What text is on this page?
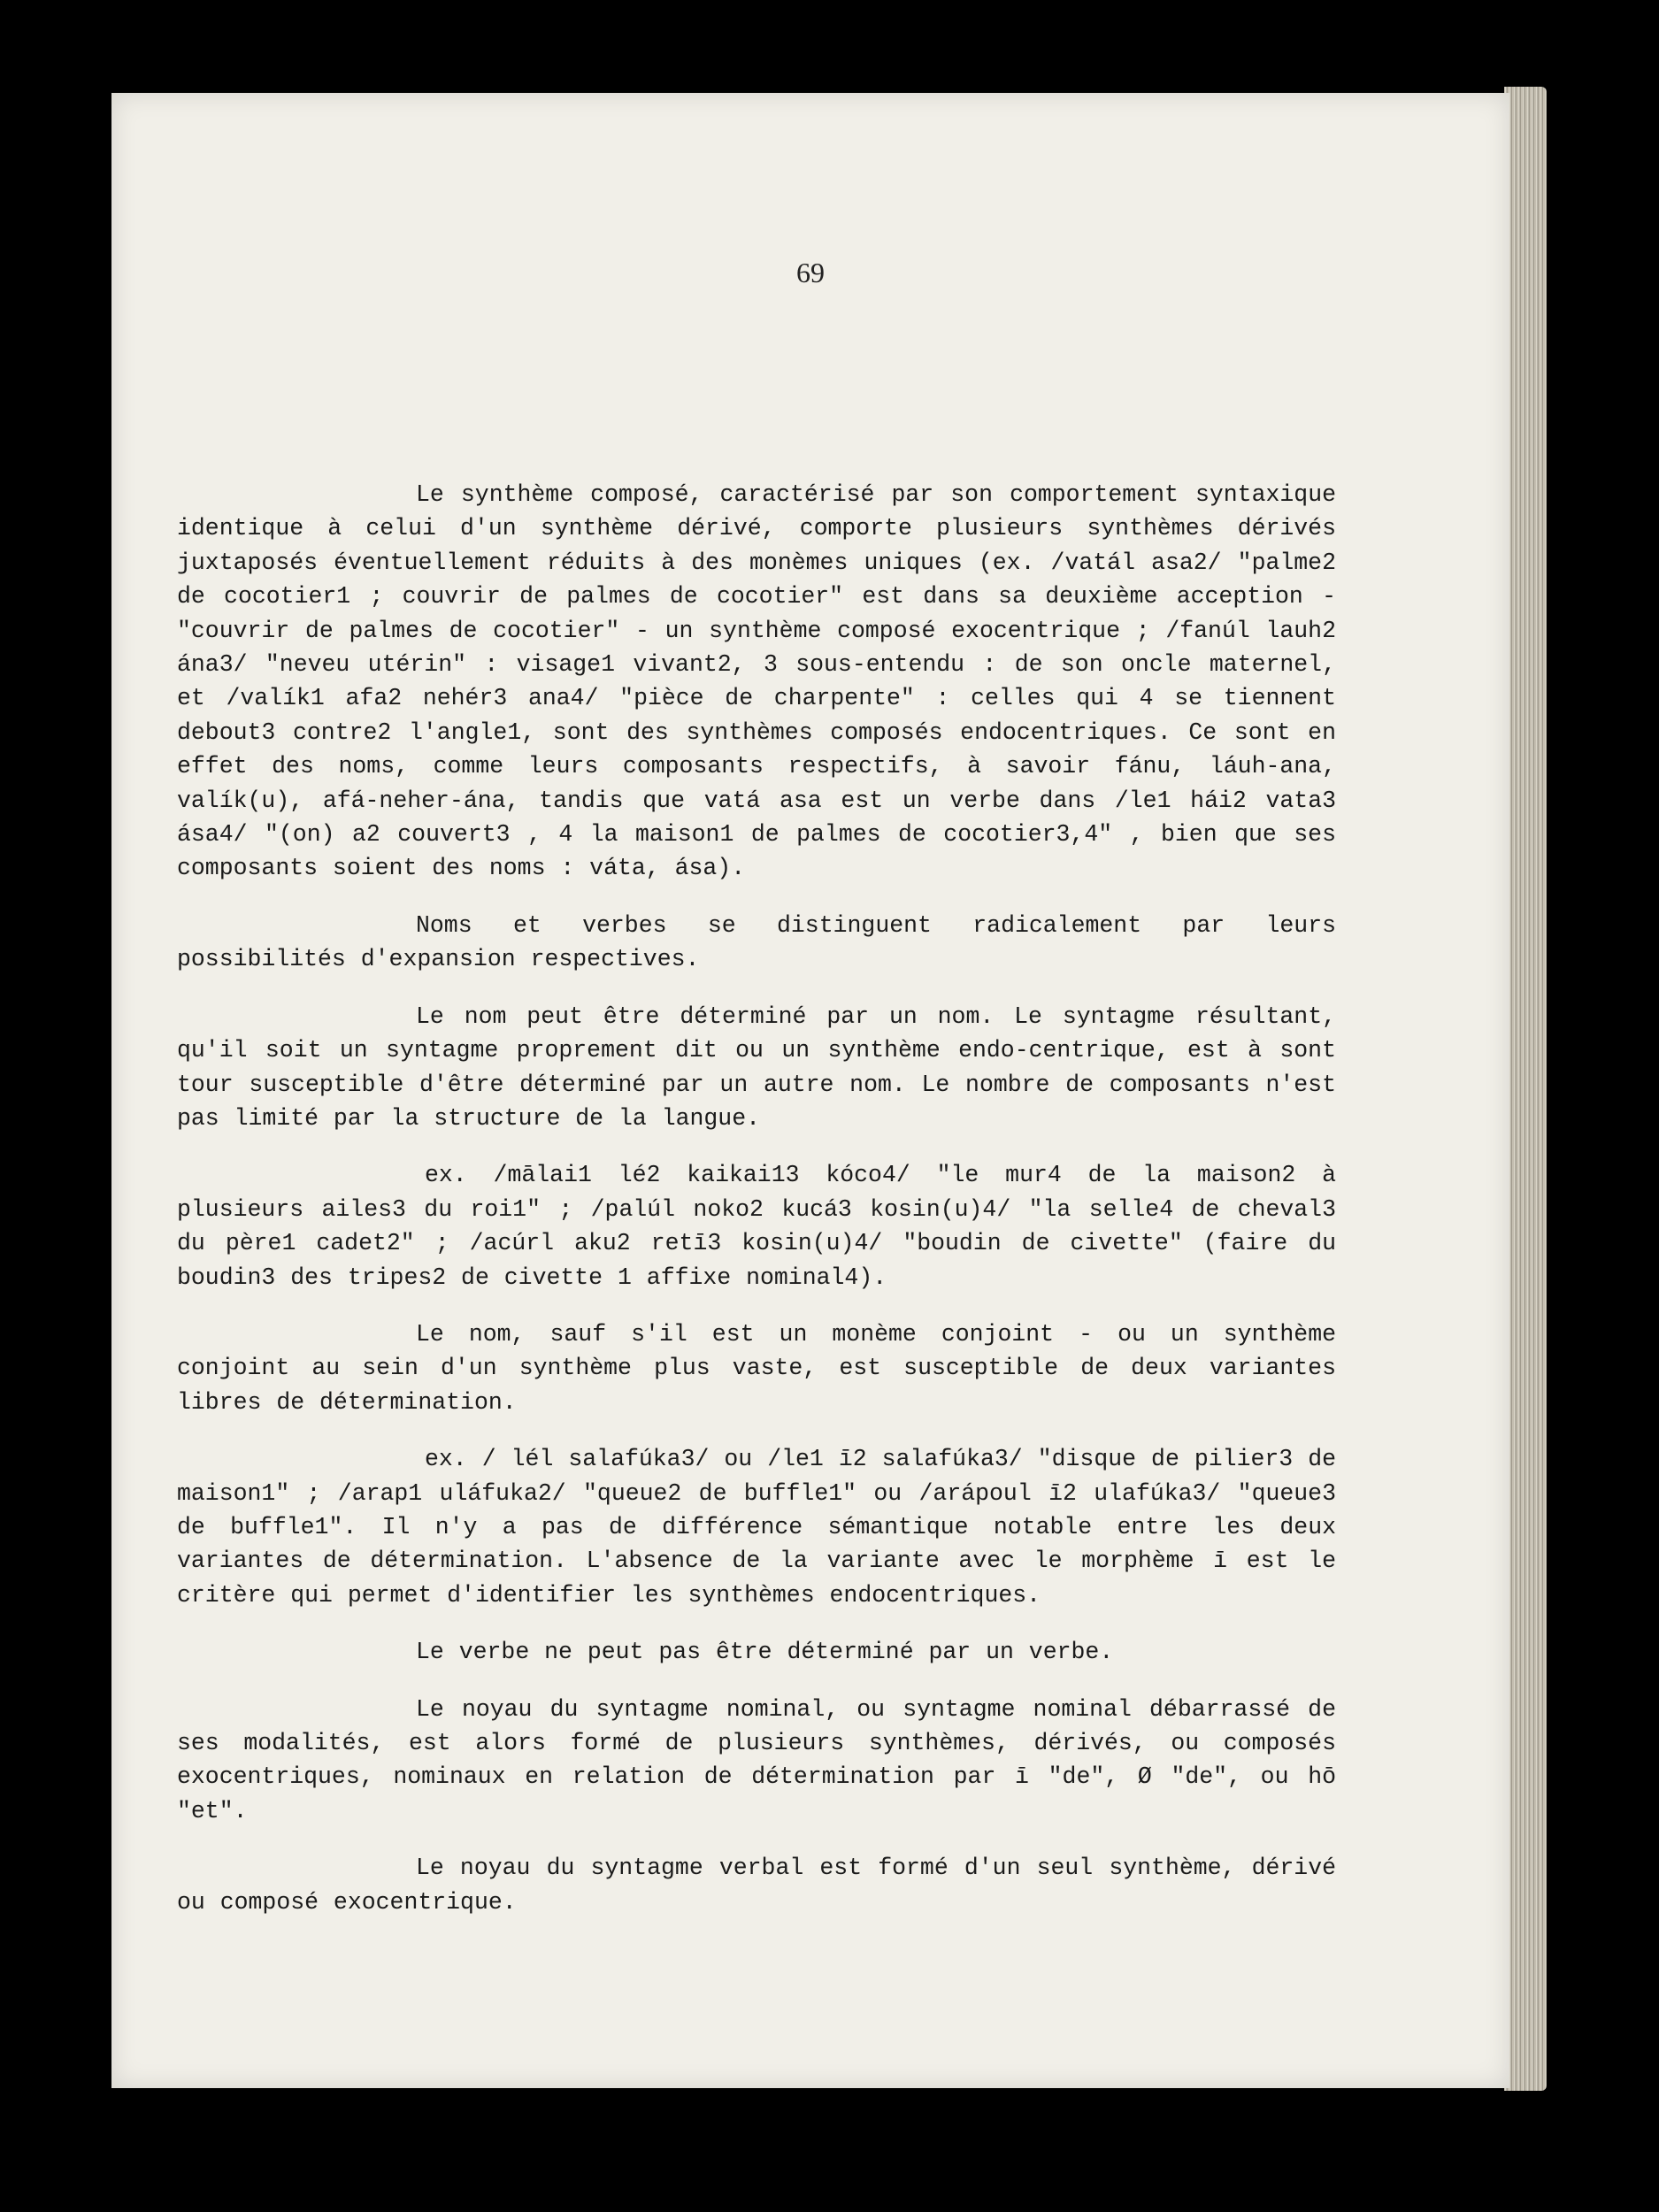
69

Le synthème composé, caractérisé par son comportement syntaxique identique à celui d'un synthème dérivé, comporte plusieurs synthèmes dérivés juxtaposés éventuellement réduits à des monèmes uniques (ex. /vatál asa2/ "palme2 de cocotier1 ; couvrir de palmes de cocotier" est dans sa deuxième acception - "couvrir de palmes de cocotier" - un synthème composé exocentrique ; /fanúl lauh2 ána3/ "neveu utérin" : visage1 vivant2, 3 sous-entendu : de son oncle maternel, et /valík1 afa2 nehér3 ana4/ "pièce de charpente" : celles qui 4 se tiennent debout3 contre2 l'angle1, sont des synthèmes composés endocentriques. Ce sont en effet des noms, comme leurs composants respectifs, à savoir fánu, láuh-ana, valík(u), afá-neher-ána, tandis que vatá asa est un verbe dans /le1 hái2 vata3 ása4/ "(on) a2 couvert3 , 4 la maison1 de palmes de cocotier3,4" , bien que ses composants soient des noms : váta, ása).

Noms et verbes se distinguent radicalement par leurs possibilités d'expansion respectives.

Le nom peut être déterminé par un nom. Le syntagme résultant, qu'il soit un syntagme proprement dit ou un synthème endo-centrique, est à sont tour susceptible d'être déterminé par un autre nom. Le nombre de composants n'est pas limité par la structure de la langue.

ex. /mālai1 lé2 kaikai13 kóco4/ "le mur4 de la maison2 à plusieurs ailes3 du roi1" ; /palúl noko2 kucá3 kosin(u)4/ "la selle4 de cheval3 du père1 cadet2" ; /acúrl aku2 retī3 kosin(u)4/ "boudin de civette" (faire du boudin3 des tripes2 de civette 1 affixe nominal4).

Le nom, sauf s'il est un monème conjoint - ou un synthème conjoint au sein d'un synthème plus vaste, est susceptible de deux variantes libres de détermination.

ex. / lél salafúka3/ ou /le1 ī2 salafúka3/ "disque de pilier3 de maison1" ; /arap1 uláfuka2/ "queue2 de buffle1" ou /arápoul ī2 ulafúka3/ "queue3 de buffle1". Il n'y a pas de différence sémantique notable entre les deux variantes de détermination. L'absence de la variante avec le morphème ī est le critère qui permet d'identifier les synthèmes endocentriques.

Le verbe ne peut pas être déterminé par un verbe.

Le noyau du syntagme nominal, ou syntagme nominal débarrassé de ses modalités, est alors formé de plusieurs synthèmes, dérivés, ou composés exocentriques, nominaux en relation de détermination par ī "de", Ø "de", ou hō "et".

Le noyau du syntagme verbal est formé d'un seul synthème, dérivé ou composé exocentrique.
